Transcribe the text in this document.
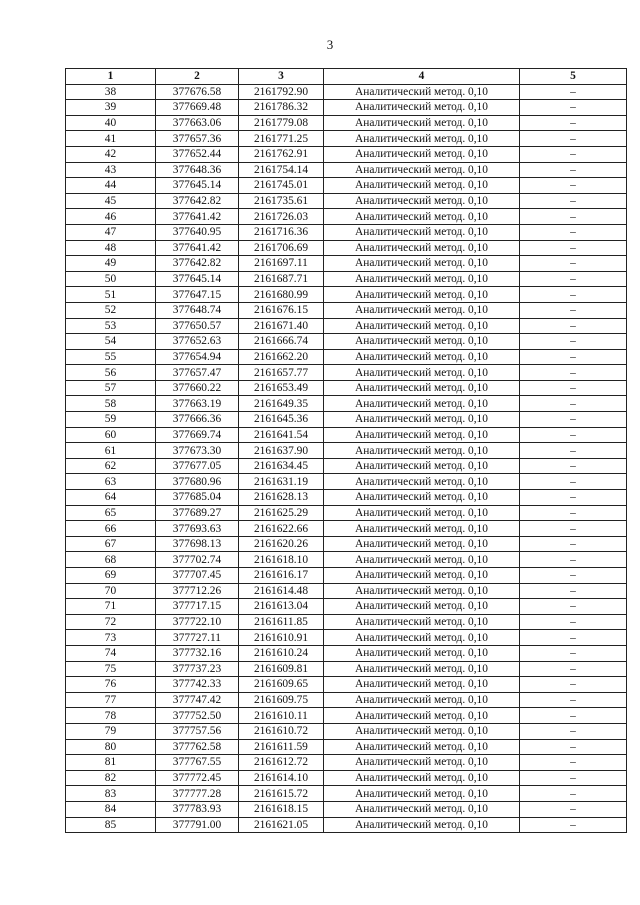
3
1	2	3	4	5
38	377676.58	2161792.90	Аналитический метод. 0,10	–
39	377669.48	2161786.32	Аналитический метод. 0,10	–
40	377663.06	2161779.08	Аналитический метод. 0,10	–
41	377657.36	2161771.25	Аналитический метод. 0,10	–
42	377652.44	2161762.91	Аналитический метод. 0,10	–
43	377648.36	2161754.14	Аналитический метод. 0,10	–
44	377645.14	2161745.01	Аналитический метод. 0,10	–
45	377642.82	2161735.61	Аналитический метод. 0,10	–
46	377641.42	2161726.03	Аналитический метод. 0,10	–
47	377640.95	2161716.36	Аналитический метод. 0,10	–
48	377641.42	2161706.69	Аналитический метод. 0,10	–
49	377642.82	2161697.11	Аналитический метод. 0,10	–
50	377645.14	2161687.71	Аналитический метод. 0,10	–
51	377647.15	2161680.99	Аналитический метод. 0,10	–
52	377648.74	2161676.15	Аналитический метод. 0,10	–
53	377650.57	2161671.40	Аналитический метод. 0,10	–
54	377652.63	2161666.74	Аналитический метод. 0,10	–
55	377654.94	2161662.20	Аналитический метод. 0,10	–
56	377657.47	2161657.77	Аналитический метод. 0,10	–
57	377660.22	2161653.49	Аналитический метод. 0,10	–
58	377663.19	2161649.35	Аналитический метод. 0,10	–
59	377666.36	2161645.36	Аналитический метод. 0,10	–
60	377669.74	2161641.54	Аналитический метод. 0,10	–
61	377673.30	2161637.90	Аналитический метод. 0,10	–
62	377677.05	2161634.45	Аналитический метод. 0,10	–
63	377680.96	2161631.19	Аналитический метод. 0,10	–
64	377685.04	2161628.13	Аналитический метод. 0,10	–
65	377689.27	2161625.29	Аналитический метод. 0,10	–
66	377693.63	2161622.66	Аналитический метод. 0,10	–
67	377698.13	2161620.26	Аналитический метод. 0,10	–
68	377702.74	2161618.10	Аналитический метод. 0,10	–
69	377707.45	2161616.17	Аналитический метод. 0,10	–
70	377712.26	2161614.48	Аналитический метод. 0,10	–
71	377717.15	2161613.04	Аналитический метод. 0,10	–
72	377722.10	2161611.85	Аналитический метод. 0,10	–
73	377727.11	2161610.91	Аналитический метод. 0,10	–
74	377732.16	2161610.24	Аналитический метод. 0,10	–
75	377737.23	2161609.81	Аналитический метод. 0,10	–
76	377742.33	2161609.65	Аналитический метод. 0,10	–
77	377747.42	2161609.75	Аналитический метод. 0,10	–
78	377752.50	2161610.11	Аналитический метод. 0,10	–
79	377757.56	2161610.72	Аналитический метод. 0,10	–
80	377762.58	2161611.59	Аналитический метод. 0,10	–
81	377767.55	2161612.72	Аналитический метод. 0,10	–
82	377772.45	2161614.10	Аналитический метод. 0,10	–
83	377777.28	2161615.72	Аналитический метод. 0,10	–
84	377783.93	2161618.15	Аналитический метод. 0,10	–
85	377791.00	2161621.05	Аналитический метод. 0,10	–
